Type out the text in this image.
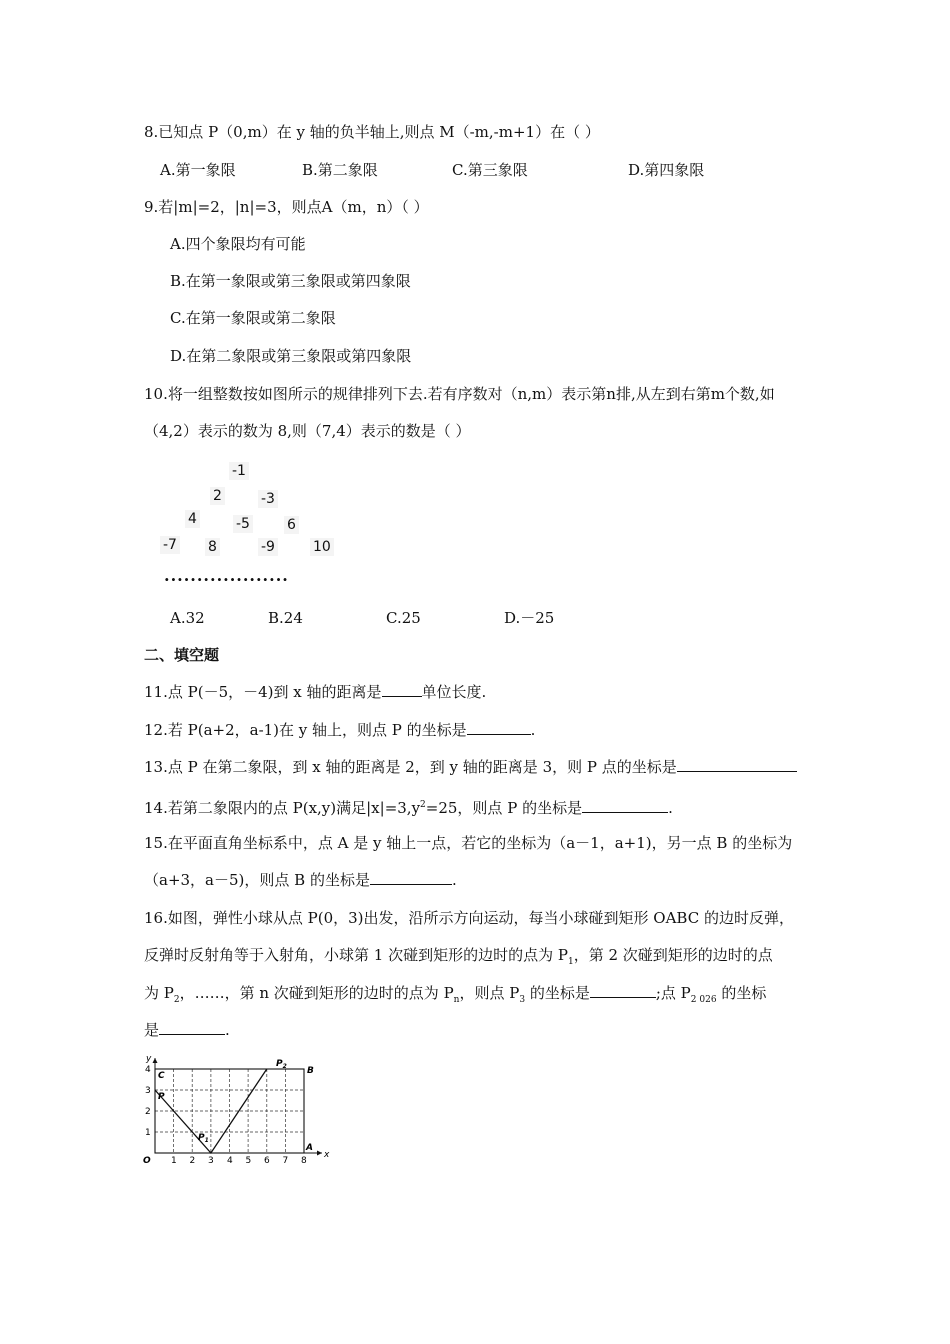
8.已知点 P（0,m）在 y 轴的负半轴上,则点 M（-m,-m+1）在（ ）
A.第一象限	B.第二象限	C.第三象限	D.第四象限
9.若|m|=2，|n|=3，则点A（m，n）（ ）
A.四个象限均有可能
B.在第一象限或第三象限或第四象限
C.在第一象限或第二象限
D.在第二象限或第三象限或第四象限
10.将一组整数按如图所示的规律排列下去.若有序数对（n,m）表示第n排,从左到右第m个数,如
（4,2）表示的数为 8,则（7,4）表示的数是（ ）
-1
2	-3
4	-5	6
-7 8	-9	10
...................
A.32	B.24	C.25	D.－25
二、填空题
11.点 P(－5，－4)到 x 轴的距离是	单位长度.
12.若 P(a+2，a-1)在 y 轴上，则点 P 的坐标是	.
13.点 P 在第二象限，到 x 轴的距离是 2，到 y 轴的距离是 3，则 P 点的坐标是
14.若第二象限内的点 P(x,y)满足$|x|=3,y^2=25$，则点 P 的坐标是	.
15.在平面直角坐标系中，点 A 是 y 轴上一点，若它的坐标为（a－1，a+1)，另一点 B 的坐标为
（a+3，a－5)，则点 B 的坐标是	.
16.如图，弹性小球从点 P(0，3)出发，沿所示方向运动，每当小球碰到矩形 OABC 的边时反弹，
反弹时反射角等于入射角，小球第 1 次碰到矩形的边时的点为 $P_1$，第 2 次碰到矩形的边时的点
为 $P_2$，……，第 n 次碰到矩形的边时的点为 $P_n$，则点 $P_3$ 的坐标是	;点 $P_{2 026}$ 的坐标
是	.
1 2 3 4 5 6 7 8
1
2
3
4
x
y
O
A
B
C
P
$P_1$
$P_2$
